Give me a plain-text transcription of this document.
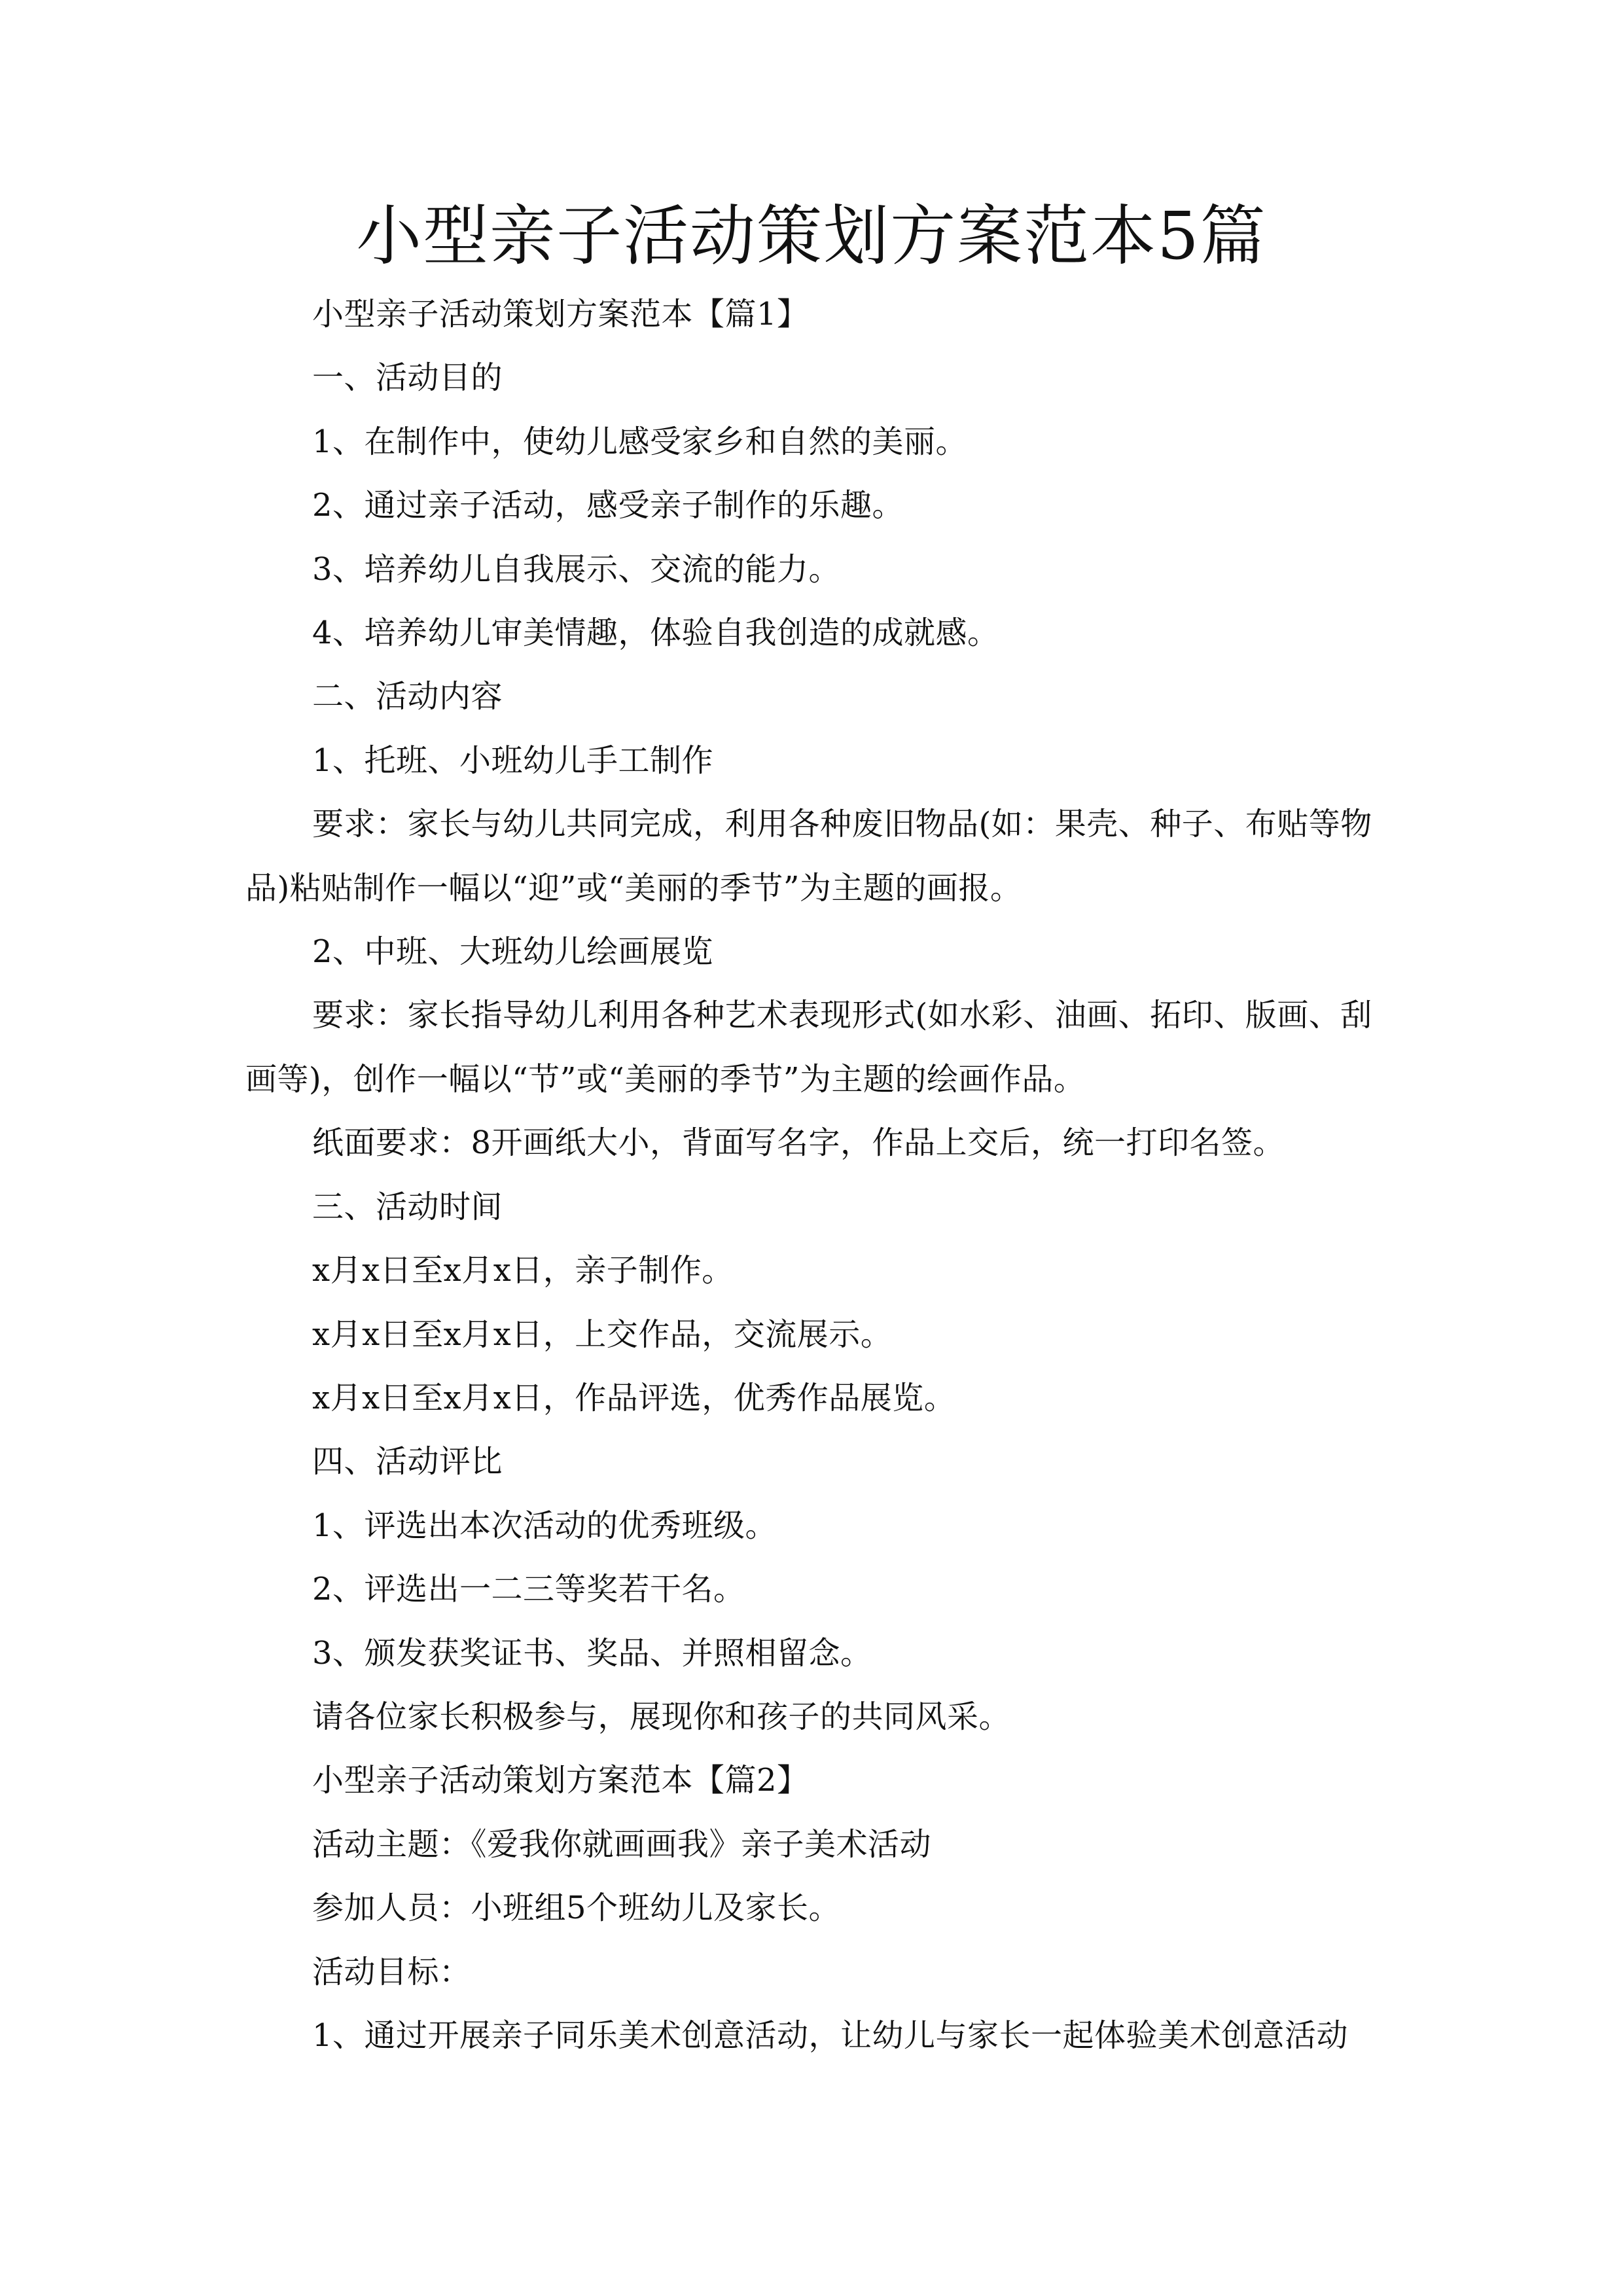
小型亲子活动策划方案范本5篇

小型亲子活动策划方案范本【篇1】

一、活动目的

1、在制作中，使幼儿感受家乡和自然的美丽。

2、通过亲子活动，感受亲子制作的乐趣。

3、培养幼儿自我展示、交流的能力。

4、培养幼儿审美情趣，体验自我创造的成就感。

二、活动内容

1、托班、小班幼儿手工制作

要求：家长与幼儿共同完成，利用各种废旧物品(如：果壳、种子、布贴等物品)粘贴制作一幅以“迎”或“美丽的季节”为主题的画报。

2、中班、大班幼儿绘画展览

要求：家长指导幼儿利用各种艺术表现形式(如水彩、油画、拓印、版画、刮画等)，创作一幅以“节”或“美丽的季节”为主题的绘画作品。

纸面要求：8开画纸大小，背面写名字，作品上交后，统一打印名签。

三、活动时间

x月x日至x月x日，亲子制作。

x月x日至x月x日，上交作品，交流展示。

x月x日至x月x日，作品评选，优秀作品展览。

四、活动评比

1、评选出本次活动的优秀班级。

2、评选出一二三等奖若干名。

3、颁发获奖证书、奖品、并照相留念。

请各位家长积极参与，展现你和孩子的共同风采。

小型亲子活动策划方案范本【篇2】

活动主题：《爱我你就画画我》亲子美术活动

参加人员：小班组5个班幼儿及家长。

活动目标：

1、通过开展亲子同乐美术创意活动，让幼儿与家长一起体验美术创意活动
